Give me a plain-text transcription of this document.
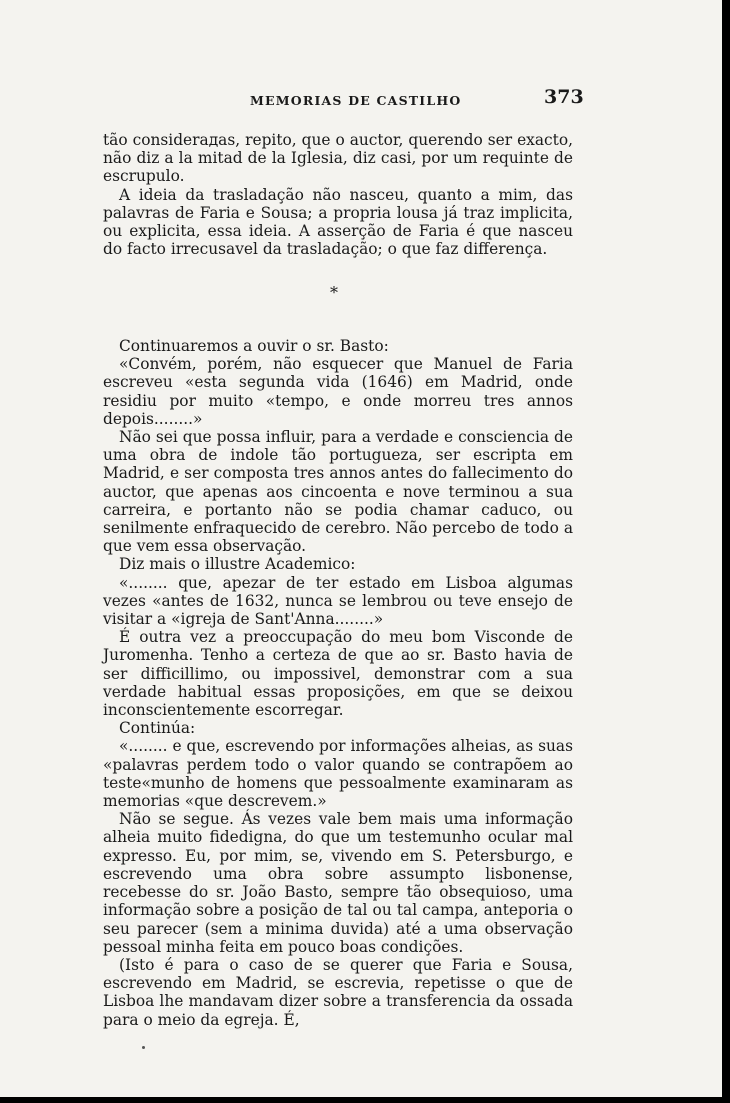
MEMORIAS DE CASTILHO	373

tão considerадas, repito, que o auctor, querendo ser exacto, não diz a la mitad de la Iglesia, diz casi, por um requinte de escrupulo.

A ideia da trasladação não nasceu, quanto a mim, das palavras de Faria e Sousa; a propria lousa já traz implicita, ou explicita, essa ideia. A asserção de Faria é que nasceu do facto irrecusavel da trasladação; o que faz differença.

*

Continuaremos a ouvir o sr. Basto:

«Convém, porém, não esquecer que Manuel de Faria escreveu «esta segunda vida (1646) em Madrid, onde residiu por muito «tempo, e onde morreu tres annos depois........»

Não sei que possa influir, para a verdade e consciencia de uma obra de indole tão portugueza, ser escripta em Madrid, e ser composta tres annos antes do fallecimento do auctor, que apenas aos cincoenta e nove terminou a sua carreira, e portanto não se podia chamar caduco, ou senilmente enfraquecido de cerebro. Não percebo de todo a que vem essa observação.

Diz mais o illustre Academico:

«........ que, apezar de ter estado em Lisboa algumas vezes «antes de 1632, nunca se lembrou ou teve ensejo de visitar a «igreja de Sant'Anna........»

É outra vez a preoccupação do meu bom Visconde de Juromenha. Tenho a certeza de que ao sr. Basto havia de ser difficillimo, ou impossivel, demonstrar com a sua verdade habitual essas proposições, em que se deixou inconscientemente escorregar.

Continúa:

«........ e que, escrevendo por informações alheias, as suas «palavras perdem todo o valor quando se contrapõem ao teste«munho de homens que pessoalmente examinaram as memorias «que descrevem.»

Não se segue. Ás vezes vale bem mais uma informação alheia muito fidedigna, do que um testemunho ocular mal expresso. Eu, por mim, se, vivendo em S. Petersburgo, e escrevendo uma obra sobre assumpto lisbonense, recebesse do sr. João Basto, sempre tão obsequioso, uma informação sobre a posição de tal ou tal campa, anteporia o seu parecer (sem a minima duvida) até a uma observação pessoal minha feita em pouco boas condições.

(Isto é para o caso de se querer que Faria e Sousa, escrevendo em Madrid, se escrevia, repetisse o que de Lisboa lhe mandavam dizer sobre a transferencia da ossada para o meio da egreja. É,
